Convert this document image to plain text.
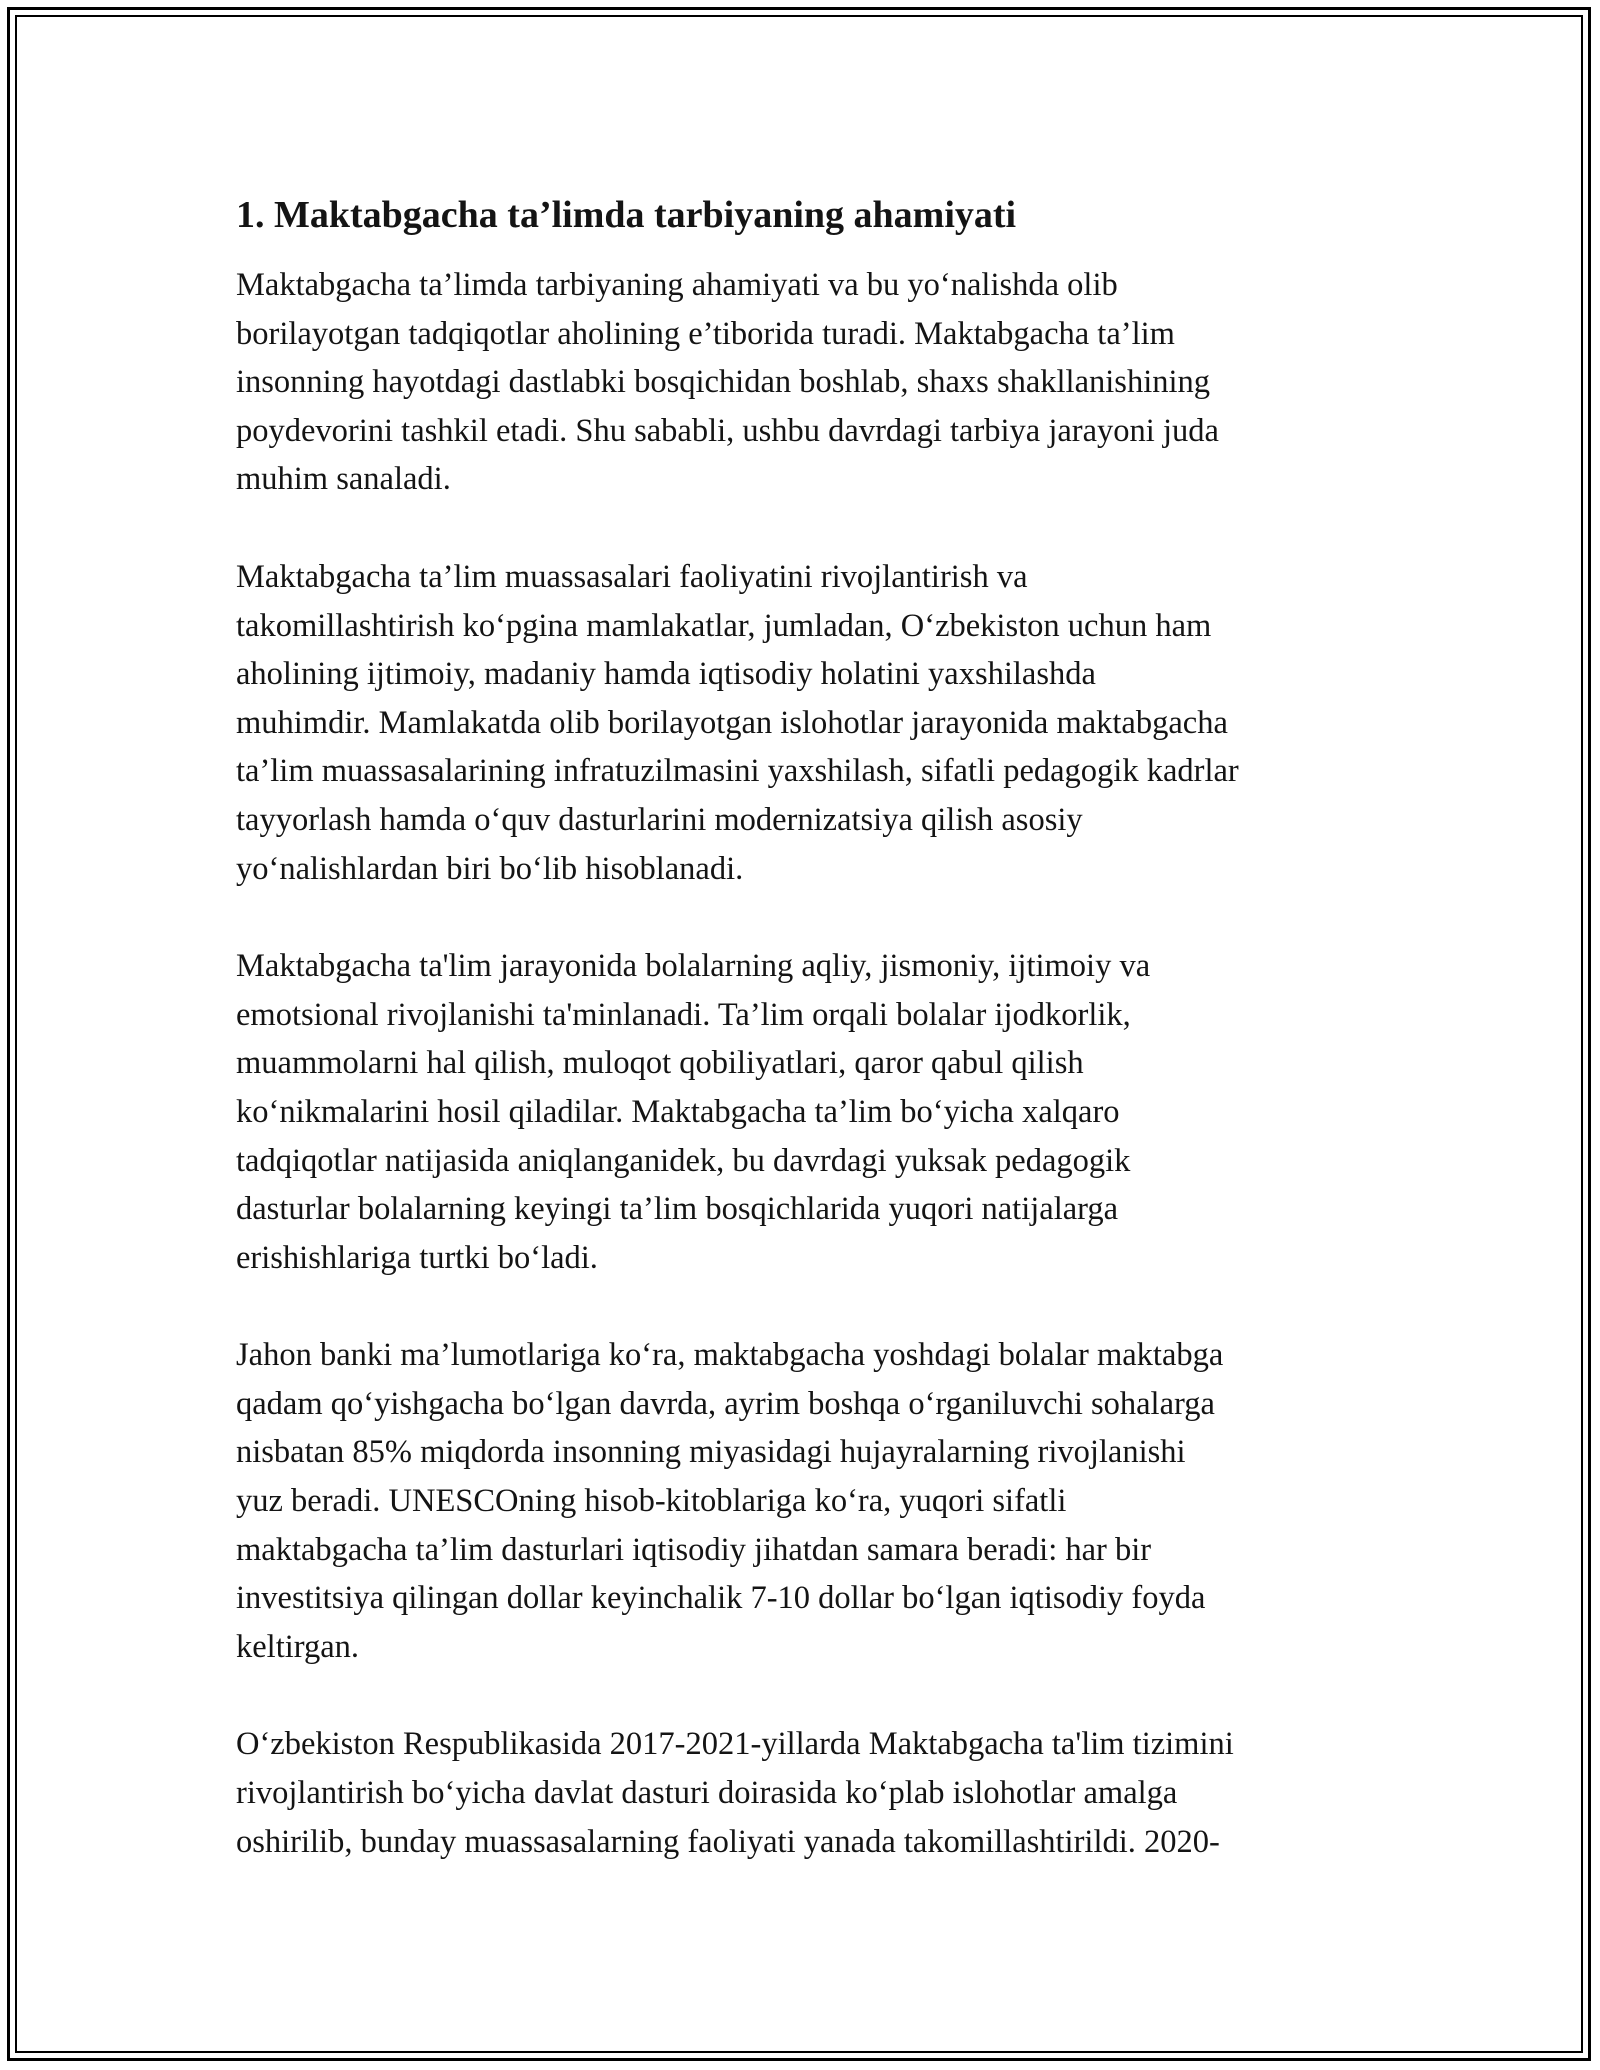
1. Maktabgacha ta’limda tarbiyaning ahamiyati

Maktabgacha ta’limda tarbiyaning ahamiyati va bu yo‘nalishda olib
borilayotgan tadqiqotlar aholining e’tiborida turadi. Maktabgacha ta’lim
insonning hayotdagi dastlabki bosqichidan boshlab, shaxs shakllanishining
poydevorini tashkil etadi. Shu sababli, ushbu davrdagi tarbiya jarayoni juda
muhim sanaladi.

Maktabgacha ta’lim muassasalari faoliyatini rivojlantirish va
takomillashtirish ko‘pgina mamlakatlar, jumladan, O‘zbekiston uchun ham
aholining ijtimoiy, madaniy hamda iqtisodiy holatini yaxshilashda
muhimdir. Mamlakatda olib borilayotgan islohotlar jarayonida maktabgacha
ta’lim muassasalarining infratuzilmasini yaxshilash, sifatli pedagogik kadrlar
tayyorlash hamda o‘quv dasturlarini modernizatsiya qilish asosiy
yo‘nalishlardan biri bo‘lib hisoblanadi.

Maktabgacha ta'lim jarayonida bolalarning aqliy, jismoniy, ijtimoiy va
emotsional rivojlanishi ta'minlanadi. Ta’lim orqali bolalar ijodkorlik,
muammolarni hal qilish, muloqot qobiliyatlari, qaror qabul qilish
ko‘nikmalarini hosil qiladilar. Maktabgacha ta’lim bo‘yicha xalqaro
tadqiqotlar natijasida aniqlanganidek, bu davrdagi yuksak pedagogik
dasturlar bolalarning keyingi ta’lim bosqichlarida yuqori natijalarga
erishishlariga turtki bo‘ladi.

Jahon banki ma’lumotlariga ko‘ra, maktabgacha yoshdagi bolalar maktabga
qadam qo‘yishgacha bo‘lgan davrda, ayrim boshqa o‘rganiluvchi sohalarga
nisbatan 85% miqdorda insonning miyasidagi hujayralarning rivojlanishi
yuz beradi. UNESCOning hisob-kitoblariga ko‘ra, yuqori sifatli
maktabgacha ta’lim dasturlari iqtisodiy jihatdan samara beradi: har bir
investitsiya qilingan dollar keyinchalik 7-10 dollar bo‘lgan iqtisodiy foyda
keltirgan.

O‘zbekiston Respublikasida 2017-2021-yillarda Maktabgacha ta'lim tizimini
rivojlantirish bo‘yicha davlat dasturi doirasida ko‘plab islohotlar amalga
oshirilib, bunday muassasalarning faoliyati yanada takomillashtirildi. 2020-
